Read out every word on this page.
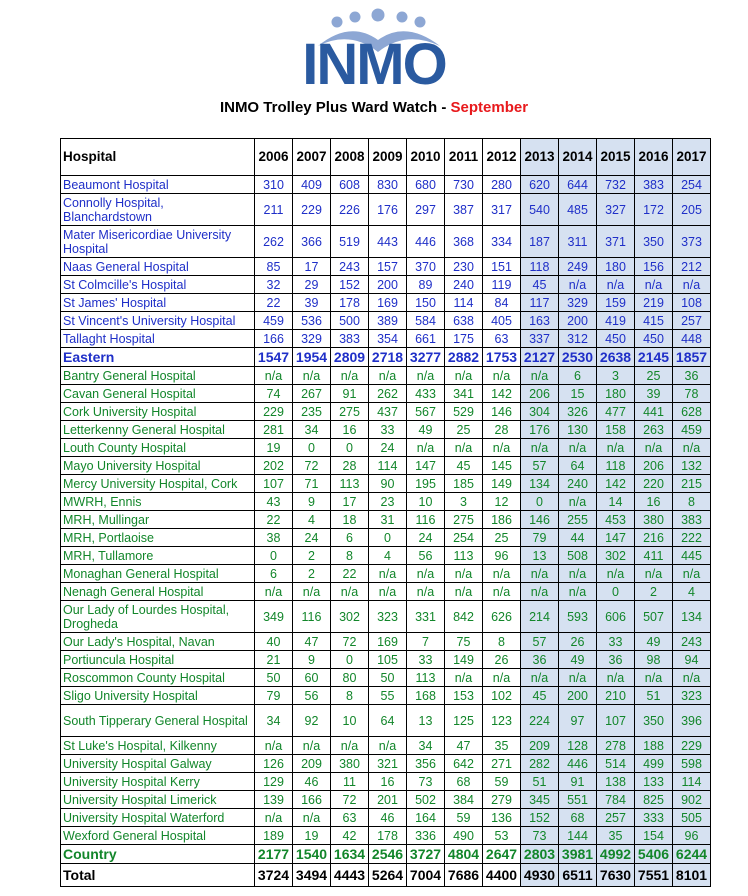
INMO
INMO Trolley Plus Ward Watch - September
Hospital	2006	2007	2008	2009	2010	2011	2012	2013	2014	2015	2016	2017
Beaumont Hospital	310	409	608	830	680	730	280	620	644	732	383	254
Connolly Hospital, Blanchardstown	211	229	226	176	297	387	317	540	485	327	172	205
Mater Misericordiae University Hospital	262	366	519	443	446	368	334	187	311	371	350	373
Naas General Hospital	85	17	243	157	370	230	151	118	249	180	156	212
St Colmcille's Hospital	32	29	152	200	89	240	119	45	n/a	n/a	n/a	n/a
St James' Hospital	22	39	178	169	150	114	84	117	329	159	219	108
St Vincent's University Hospital	459	536	500	389	584	638	405	163	200	419	415	257
Tallaght Hospital	166	329	383	354	661	175	63	337	312	450	450	448
Eastern	1547	1954	2809	2718	3277	2882	1753	2127	2530	2638	2145	1857
Bantry General Hospital	n/a	n/a	n/a	n/a	n/a	n/a	n/a	n/a	6	3	25	36
Cavan General Hospital	74	267	91	262	433	341	142	206	15	180	39	78
Cork University Hospital	229	235	275	437	567	529	146	304	326	477	441	628
Letterkenny General Hospital	281	34	16	33	49	25	28	176	130	158	263	459
Louth County Hospital	19	0	0	24	n/a	n/a	n/a	n/a	n/a	n/a	n/a	n/a
Mayo University Hospital	202	72	28	114	147	45	145	57	64	118	206	132
Mercy University Hospital, Cork	107	71	113	90	195	185	149	134	240	142	220	215
MWRH, Ennis	43	9	17	23	10	3	12	0	n/a	14	16	8
MRH, Mullingar	22	4	18	31	116	275	186	146	255	453	380	383
MRH, Portlaoise	38	24	6	0	24	254	25	79	44	147	216	222
MRH, Tullamore	0	2	8	4	56	113	96	13	508	302	411	445
Monaghan General Hospital	6	2	22	n/a	n/a	n/a	n/a	n/a	n/a	n/a	n/a	n/a
Nenagh General Hospital	n/a	n/a	n/a	n/a	n/a	n/a	n/a	n/a	n/a	0	2	4
Our Lady of Lourdes Hospital, Drogheda	349	116	302	323	331	842	626	214	593	606	507	134
Our Lady's Hospital, Navan	40	47	72	169	7	75	8	57	26	33	49	243
Portiuncula Hospital	21	9	0	105	33	149	26	36	49	36	98	94
Roscommon County Hospital	50	60	80	50	113	n/a	n/a	n/a	n/a	n/a	n/a	n/a
Sligo University Hospital	79	56	8	55	168	153	102	45	200	210	51	323
South Tipperary General Hospital	34	92	10	64	13	125	123	224	97	107	350	396
St Luke's Hospital, Kilkenny	n/a	n/a	n/a	n/a	34	47	35	209	128	278	188	229
University Hospital Galway	126	209	380	321	356	642	271	282	446	514	499	598
University Hospital Kerry	129	46	11	16	73	68	59	51	91	138	133	114
University Hospital Limerick	139	166	72	201	502	384	279	345	551	784	825	902
University Hospital Waterford	n/a	n/a	63	46	164	59	136	152	68	257	333	505
Wexford General Hospital	189	19	42	178	336	490	53	73	144	35	154	96
Country	2177	1540	1634	2546	3727	4804	2647	2803	3981	4992	5406	6244
Total	3724	3494	4443	5264	7004	7686	4400	4930	6511	7630	7551	8101
